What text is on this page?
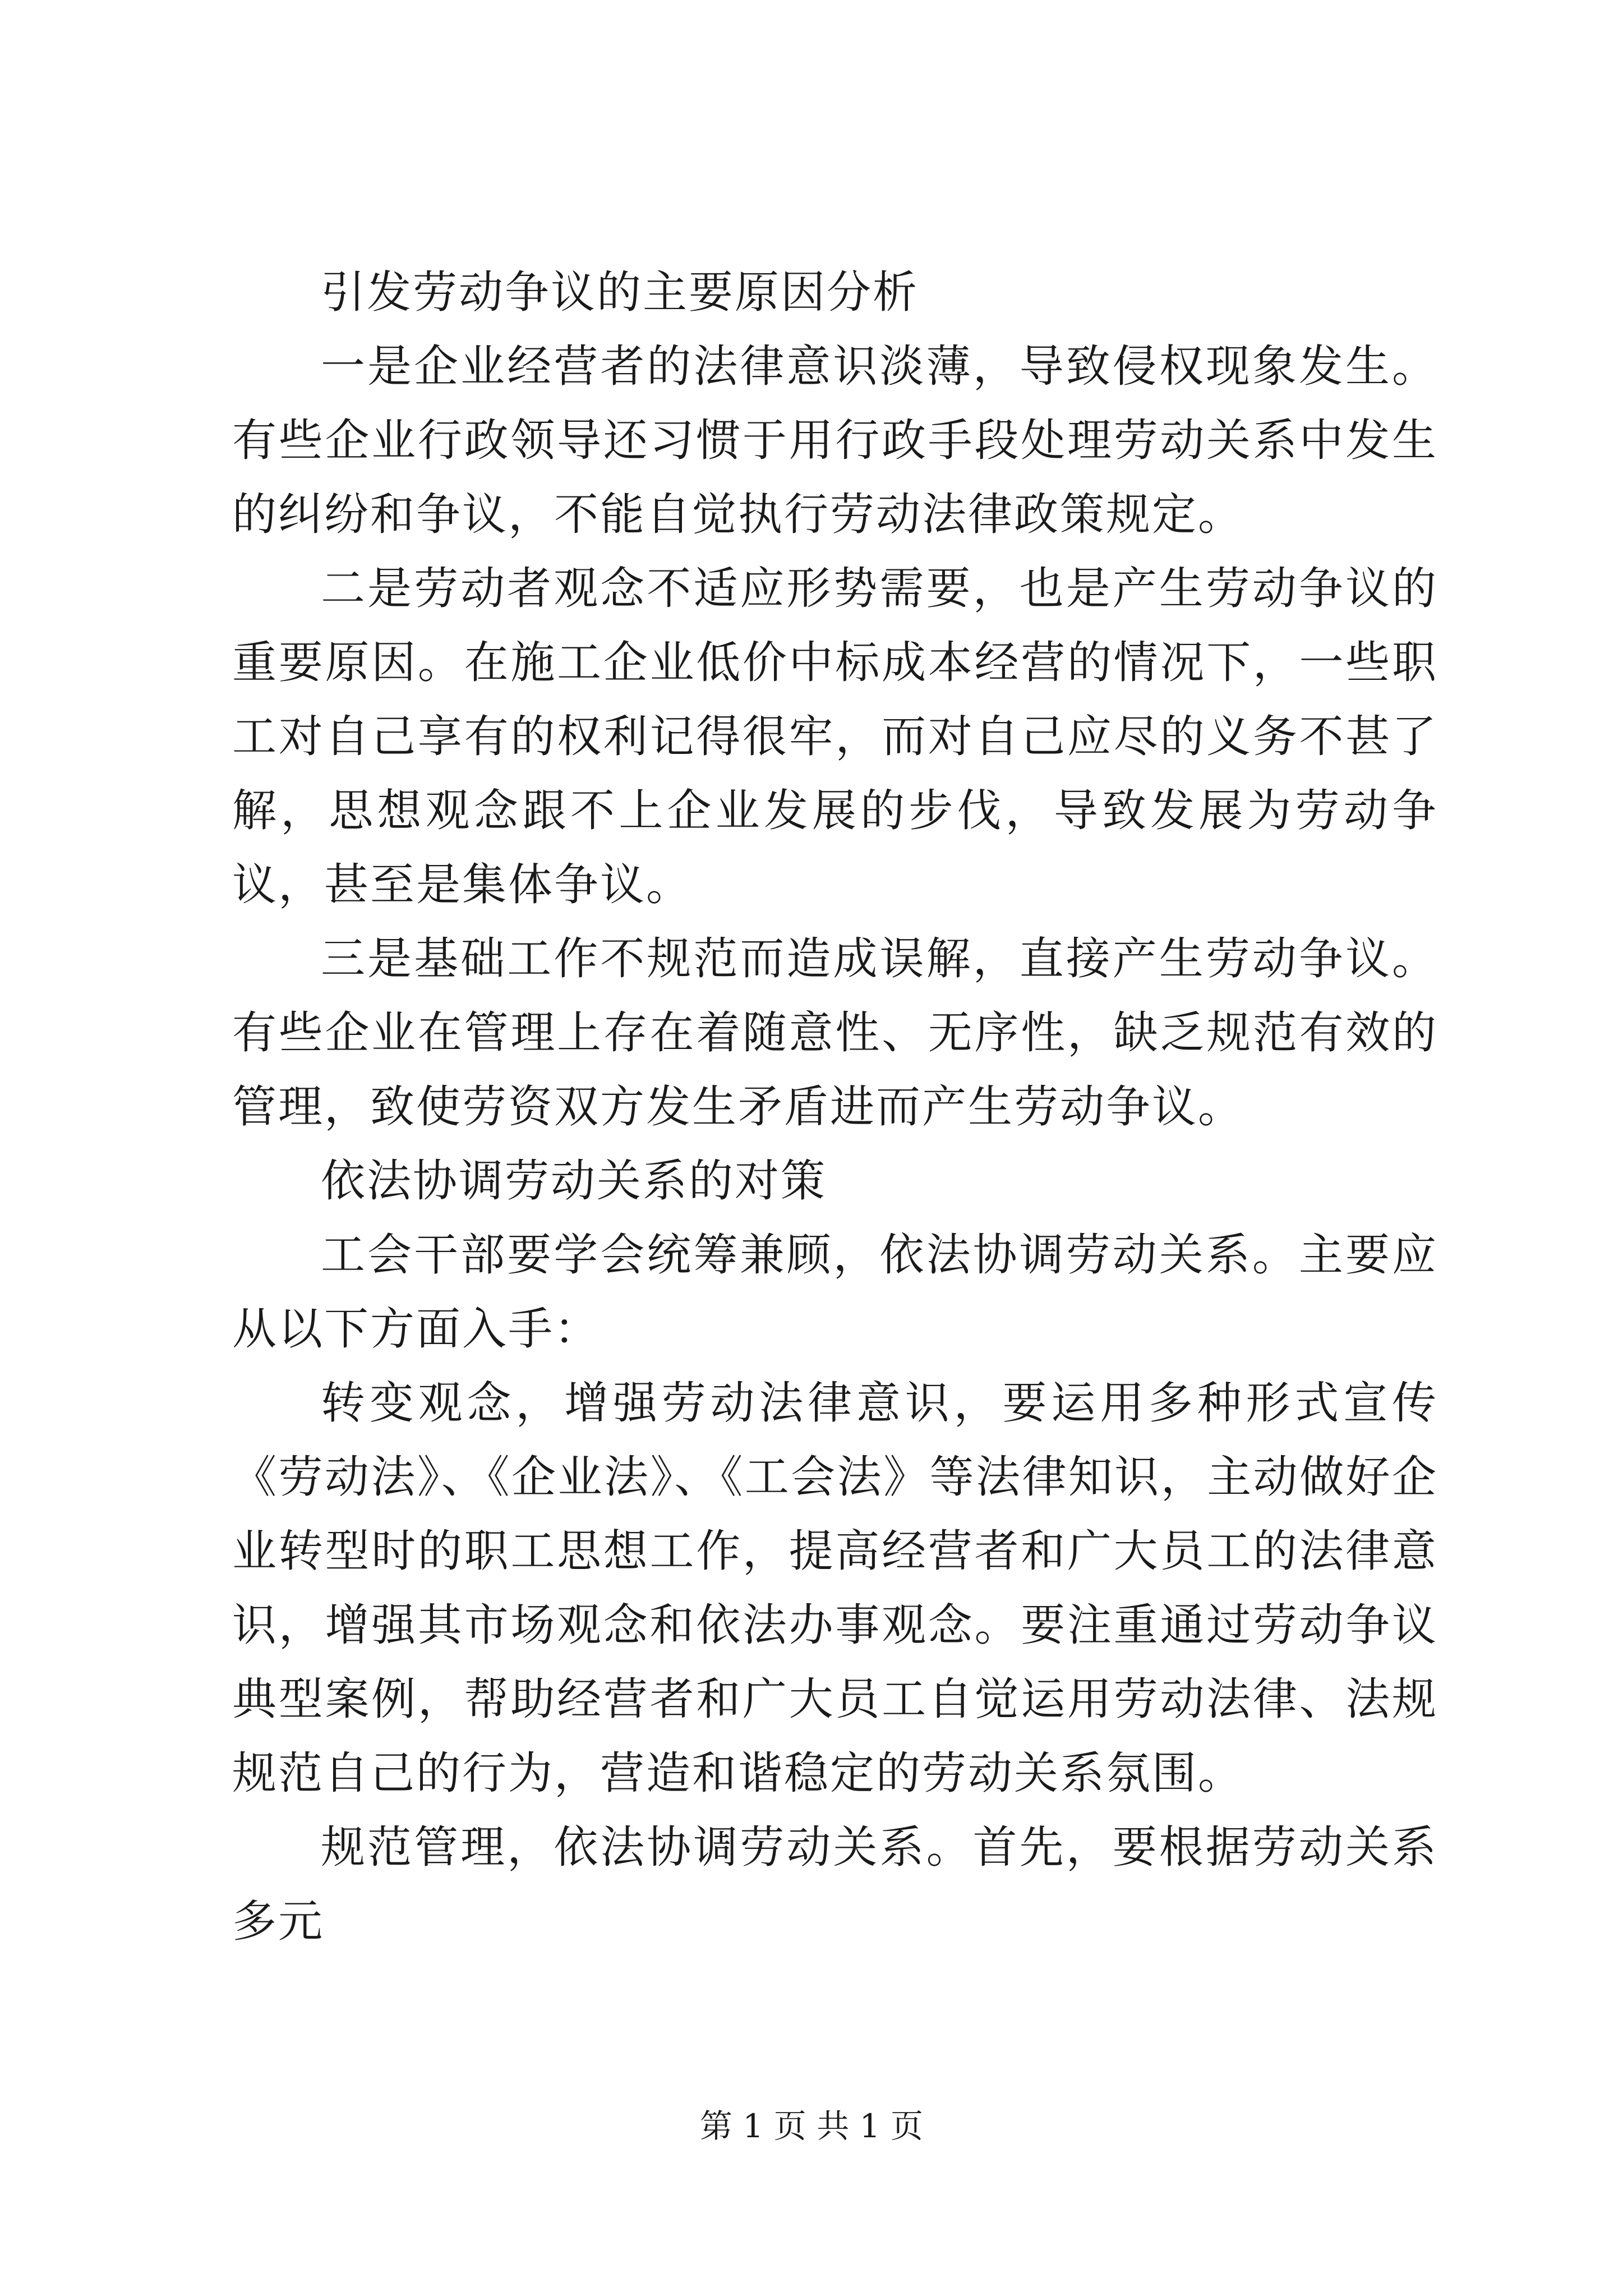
引发劳动争议的主要原因分析

一是企业经营者的法律意识淡薄，导致侵权现象发生。有些企业行政领导还习惯于用行政手段处理劳动关系中发生的纠纷和争议，不能自觉执行劳动法律政策规定。

二是劳动者观念不适应形势需要，也是产生劳动争议的重要原因。在施工企业低价中标成本经营的情况下，一些职工对自己享有的权利记得很牢，而对自己应尽的义务不甚了解，思想观念跟不上企业发展的步伐，导致发展为劳动争议，甚至是集体争议。

三是基础工作不规范而造成误解，直接产生劳动争议。有些企业在管理上存在着随意性、无序性，缺乏规范有效的管理，致使劳资双方发生矛盾进而产生劳动争议。

依法协调劳动关系的对策

工会干部要学会统筹兼顾，依法协调劳动关系。主要应从以下方面入手：

转变观念，增强劳动法律意识，要运用多种形式宣传《劳动法》、《企业法》、《工会法》等法律知识，主动做好企业转型时的职工思想工作，提高经营者和广大员工的法律意识，增强其市场观念和依法办事观念。要注重通过劳动争议典型案例，帮助经营者和广大员工自觉运用劳动法律、法规规范自己的行为，营造和谐稳定的劳动关系氛围。

规范管理，依法协调劳动关系。首先，要根据劳动关系多元

第 1 页 共 1 页
